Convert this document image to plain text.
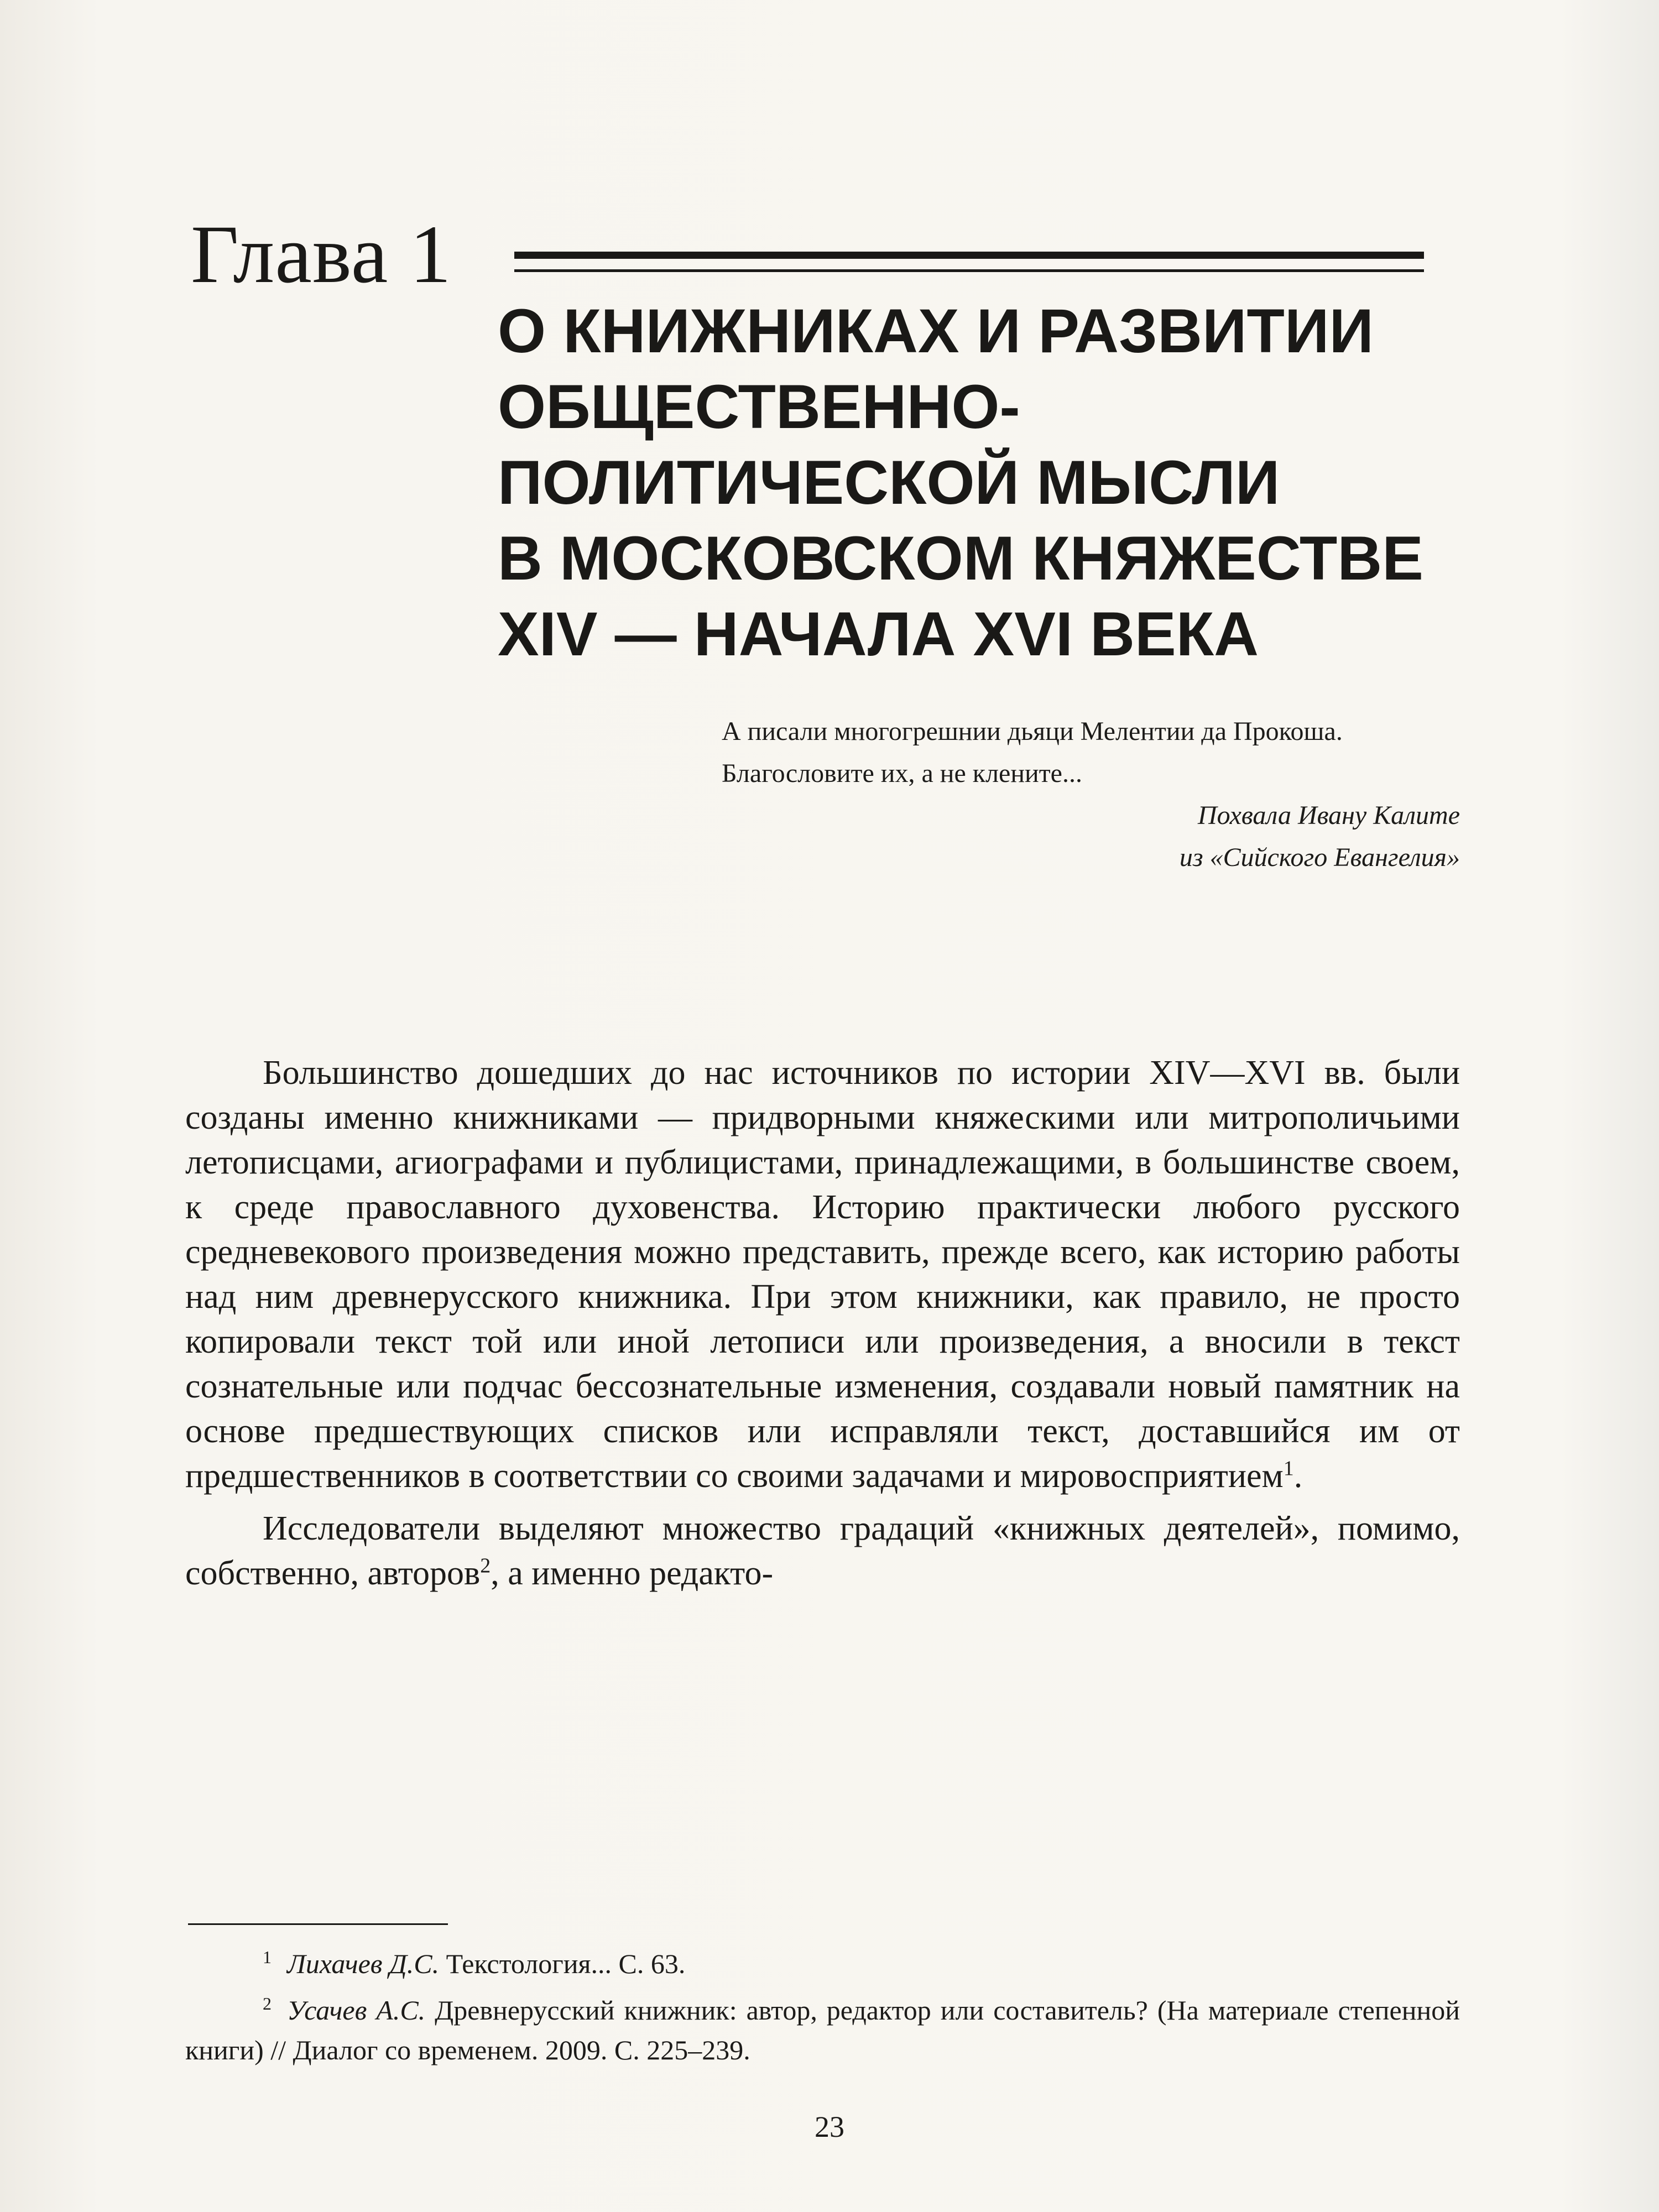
Глава 1
О КНИЖНИКАХ И РАЗВИТИИ
ОБЩЕСТВЕННО-
ПОЛИТИЧЕСКОЙ МЫСЛИ
В МОСКОВСКОМ КНЯЖЕСТВЕ
XIV — НАЧАЛА XVI ВЕКА

А писали многогрешнии дьяци Мелентии да Прокоша.

Благословите их, а не клените...

Похвала Ивану Калите

из «Сийского Евангелия»

Большинство дошедших до нас источников по истории XIV—XVI вв. были созданы именно книжниками — придворными княжескими или митрополичьими летописцами, агиографами и публицистами, принадлежащими, в большинстве своем, к среде православного духовенства. Историю практически любого русского средневекового произведения можно представить, прежде всего, как историю работы над ним древнерусского книжника. При этом книжники, как правило, не просто копировали текст той или иной летописи или произведения, а вносили в текст сознательные или подчас бессознательные изменения, создавали новый памятник на основе предшествующих списков или исправляли текст, доставшийся им от предшественников в соответствии со своими задачами и мировосприятием$^1$.

Исследователи выделяют множество градаций «книжных деятелей», помимо, собственно, авторов$^2$, а именно редакто-

$^1$ Лихачев Д.С. Текстология... С. 63.

$^2$ Усачев А.С. Древнерусский книжник: автор, редактор или составитель? (На материале степенной книги) // Диалог со временем. 2009. С. 225–239.

23
